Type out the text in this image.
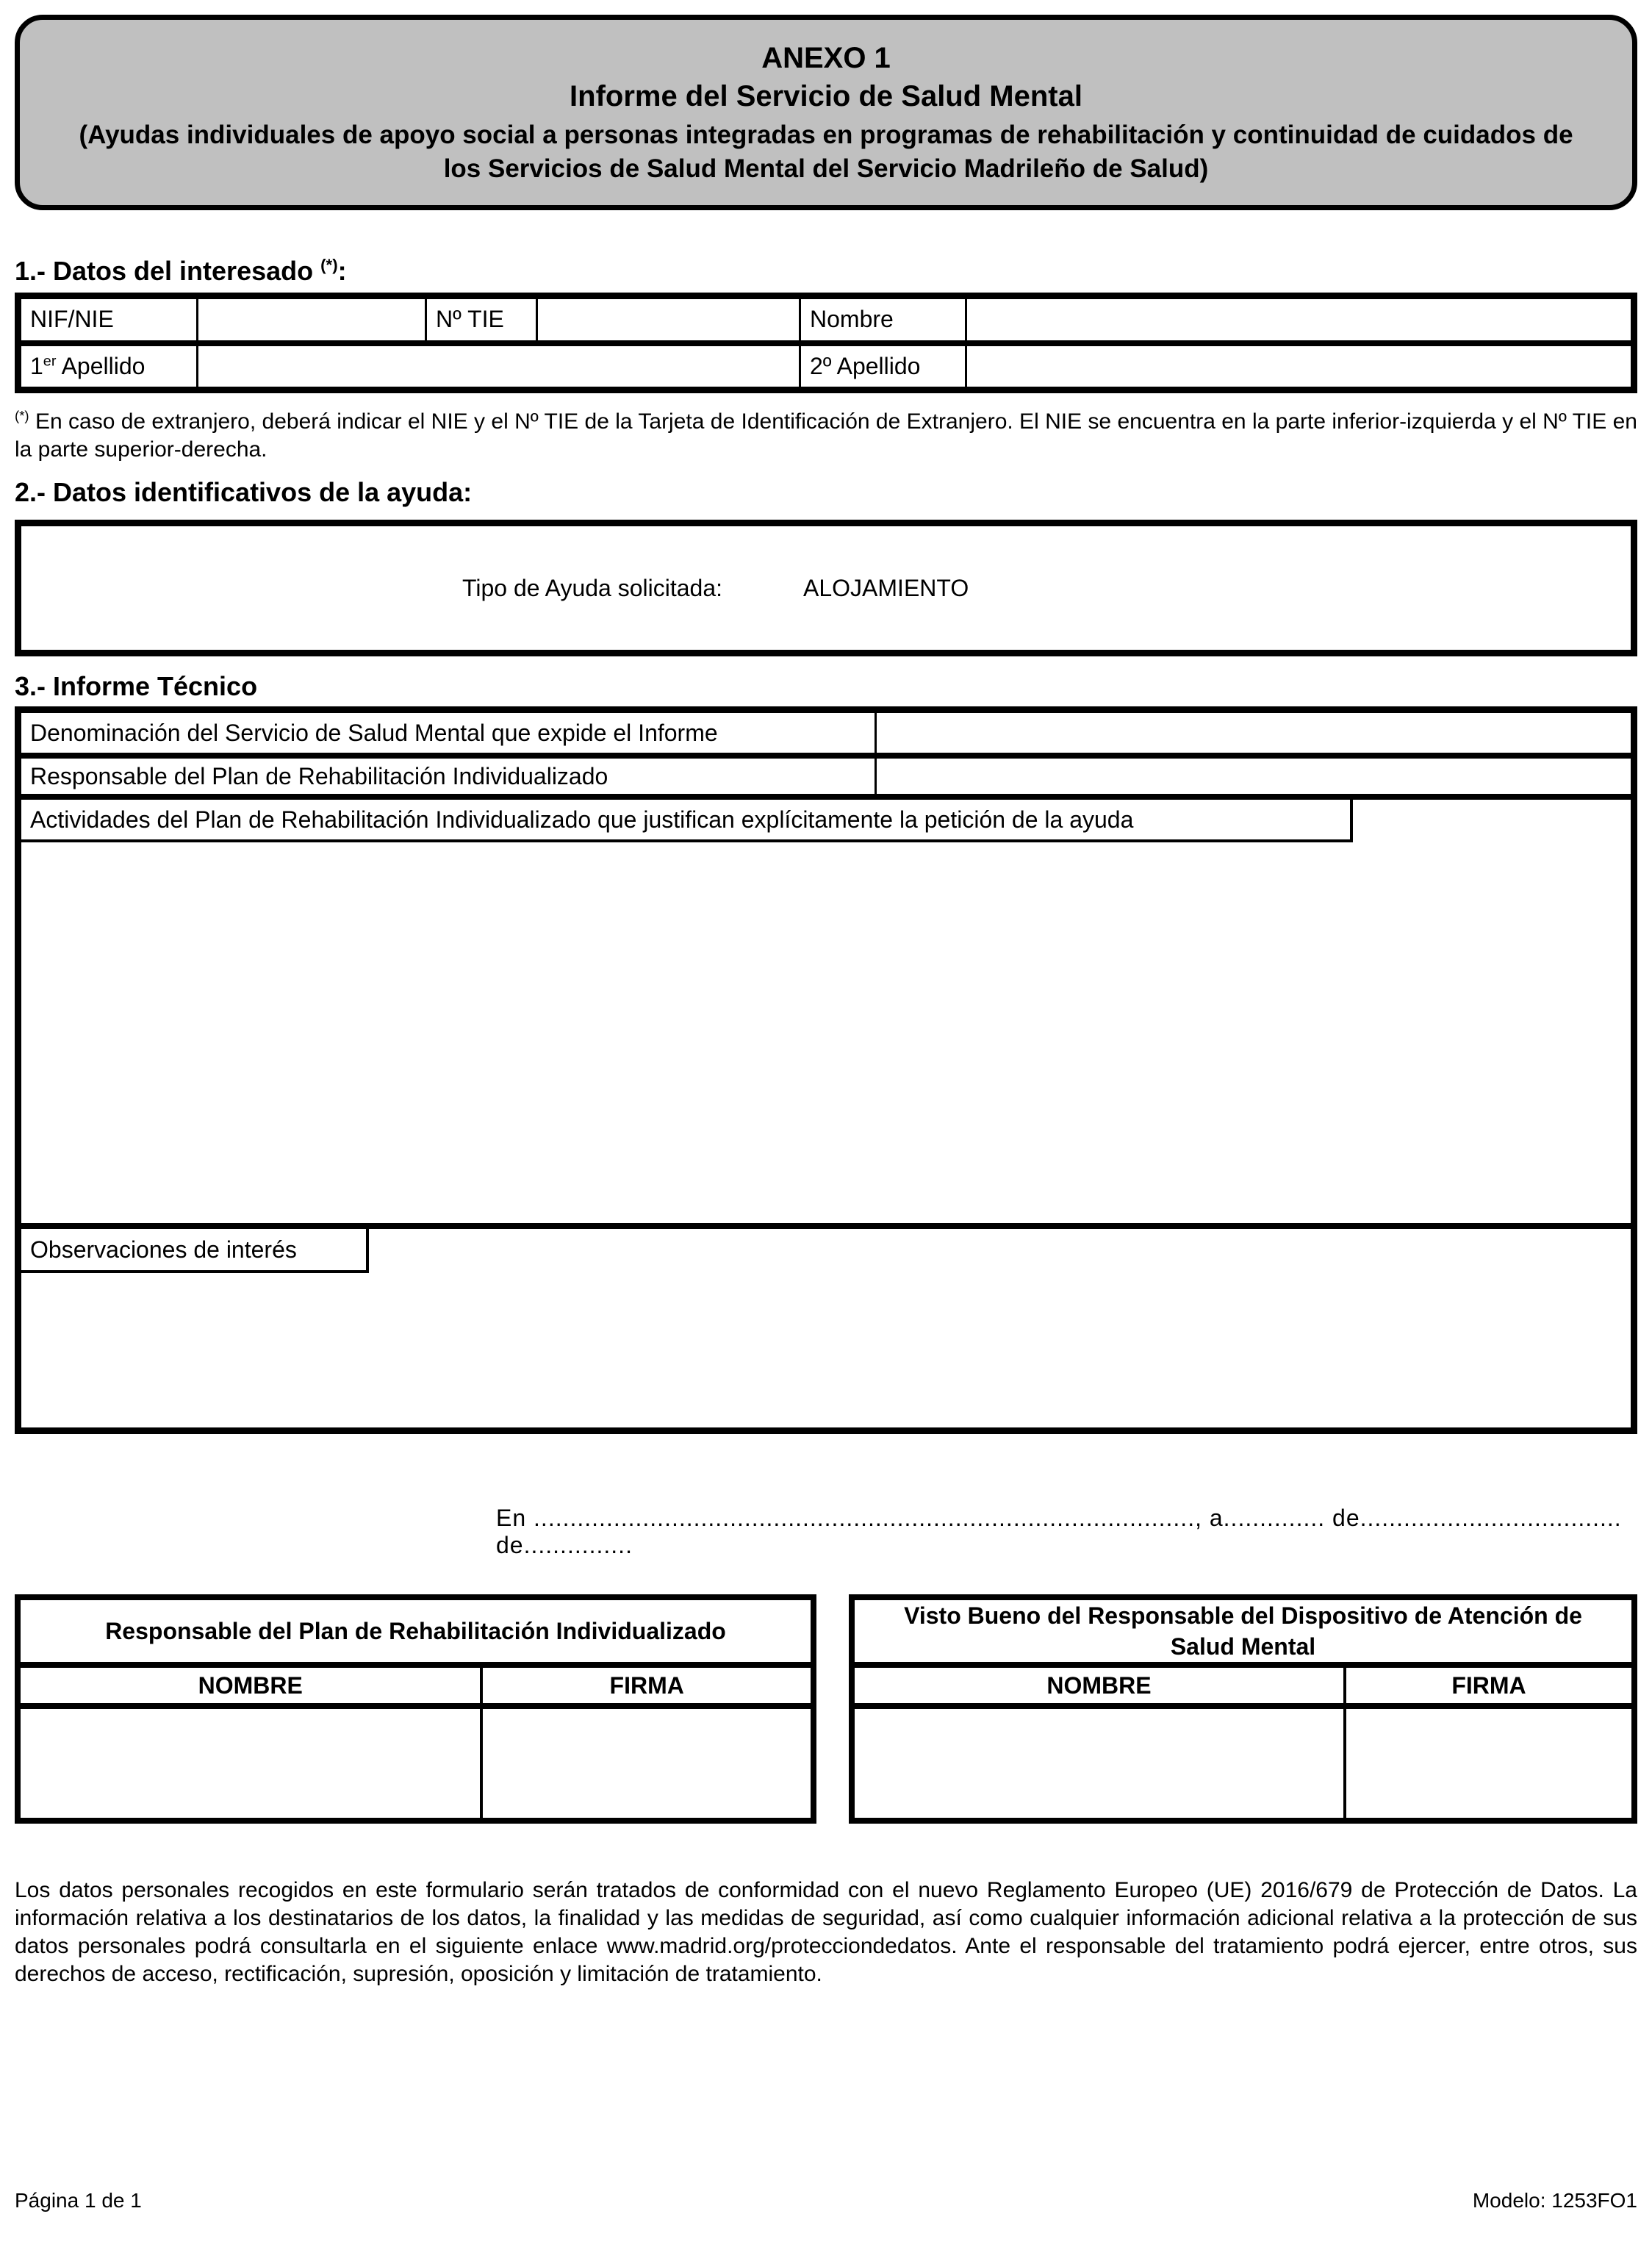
ANEXO 1
Informe del Servicio de Salud Mental
(Ayudas individuales de apoyo social a personas integradas en programas de rehabilitación y continuidad de cuidados de los Servicios de Salud Mental del Servicio Madrileño de Salud)
1.- Datos del interesado (*):
NIF/NIE		Nº TIE		Nombre	
1er Apellido				2º Apellido	
(*) En caso de extranjero, deberá indicar el NIE y el Nº TIE de la Tarjeta de Identificación de Extranjero. El NIE se encuentra en la parte inferior-izquierda y el Nº TIE en la parte superior-derecha.
2.- Datos identificativos de la ayuda:
Tipo de Ayuda solicitada:	ALOJAMIENTO
3.- Informe Técnico
Denominación del Servicio de Salud Mental que expide el Informe
Responsable del Plan de Rehabilitación Individualizado
Actividades del Plan de Rehabilitación Individualizado que justifican explícitamente la petición de la ayuda
Observaciones de interés
En ..........................................................................................., a.............. de.................................... de...............
Responsable del Plan de Rehabilitación Individualizado	
NOMBRE	FIRMA

Visto Bueno del Responsable del Dispositivo de Atención de Salud Mental	
NOMBRE	FIRMA

Los datos personales recogidos en este formulario serán tratados de conformidad con el nuevo Reglamento Europeo (UE) 2016/679 de Protección de Datos. La información relativa a los destinatarios de los datos, la finalidad y las medidas de seguridad, así como cualquier información adicional relativa a la protección de sus datos personales podrá consultarla en el siguiente enlace www.madrid.org/protecciondedatos. Ante el responsable del tratamiento podrá ejercer, entre otros, sus derechos de acceso, rectificación, supresión, oposición y limitación de tratamiento.
Página 1 de 1	Modelo: 1253FO1
